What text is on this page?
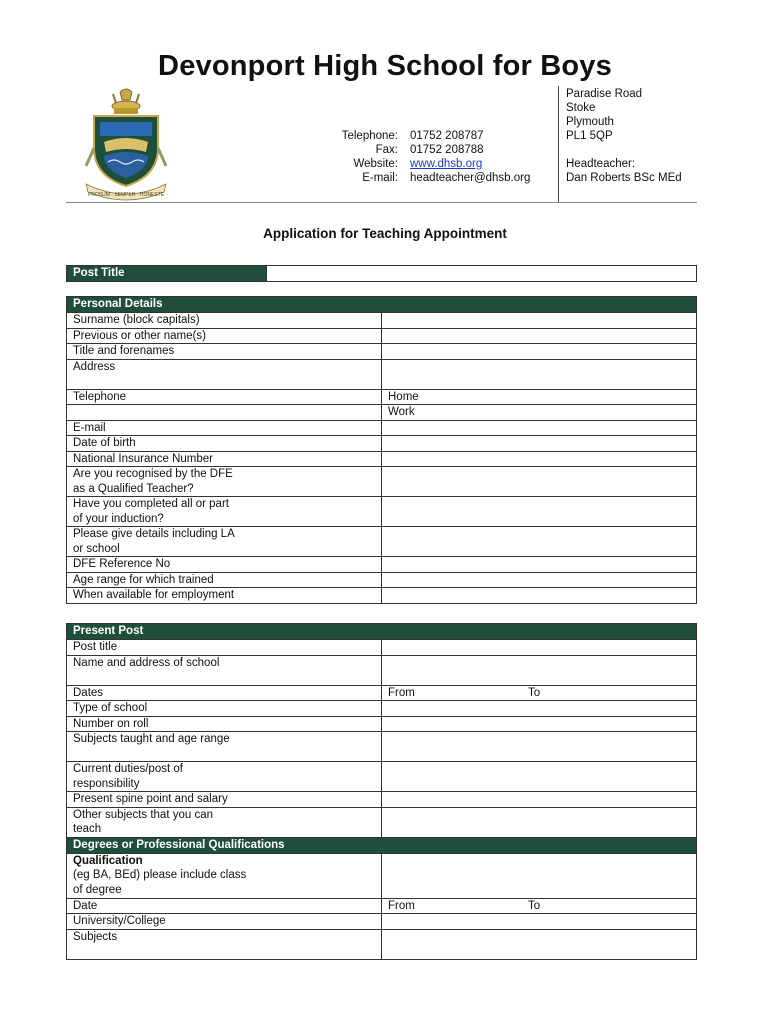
Devonport High School for Boys
PROSUM · SEMPER · HONESTE
Telephone:	01752 208787
Fax:	01752 208788
Website:	www.dhsb.org
E-mail:	headteacher@dhsb.org
Paradise Road
Stoke
Plymouth
PL1 5QP
Headteacher:
Dan Roberts BSc MEd
Application for Teaching Appointment
Post Title	
Personal Details	
Surname (block capitals)	
Previous or other name(s)	
Title and forenames	
Address	
Telephone	Home
	Work
E-mail	
Date of birth	
National Insurance Number	

Are you recognised by the DFE
as a Qualified Teacher?	

Have you completed all or part
of your induction?	

Please give details including LA
or school	

DFE Reference No	
Age range for which trained	
When available for employment	
Present Post	
Post title	
Name and address of school	
Dates	From To

Type of school	
Number on roll	
Subjects taught and age range	

Current duties/post of
responsibility	

Present spine point and salary	

Other subjects that you can
teach	

Degrees or Professional Qualifications	

Qualification
(eg BA, BEd) please include class
of degree	

Date	From To

University/College	
Subjects	
